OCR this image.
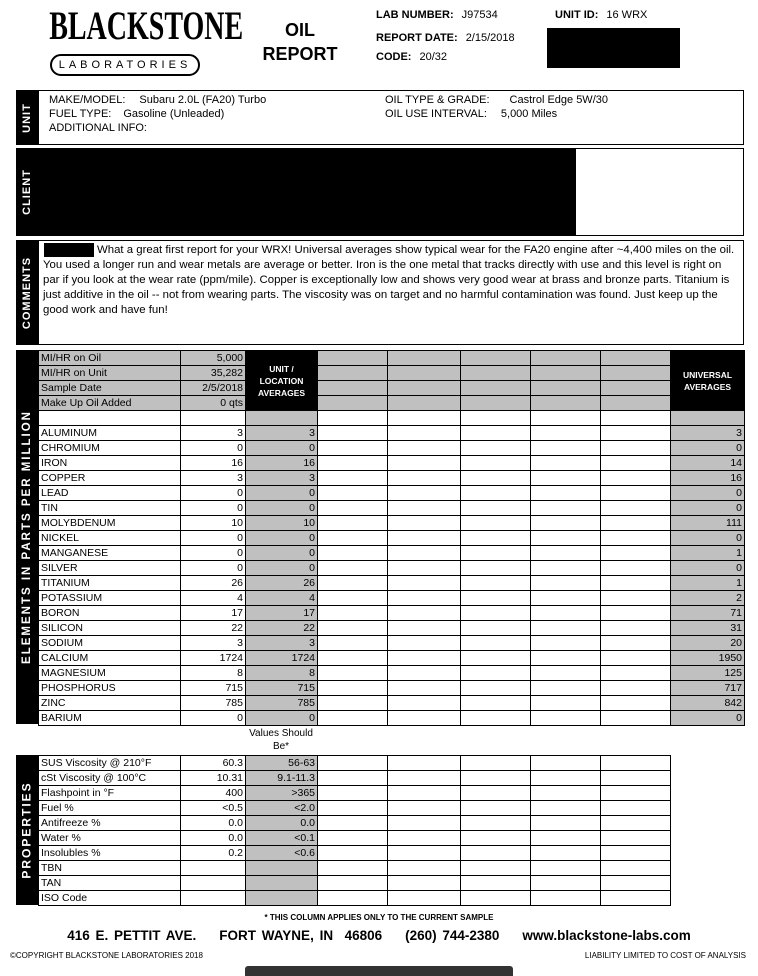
BLACKSTONE
LABORATORIES
OIL
REPORT
LAB NUMBER: J97534	UNIT ID: 16 WRX
REPORT DATE: 2/15/2018
CODE: 20/32
UNIT
MAKE/MODEL: Subaru 2.0L (FA20) Turbo
FUEL TYPE: Gasoline (Unleaded)
ADDITIONAL INFO:
OIL TYPE & GRADE: Castrol Edge 5W/30
OIL USE INTERVAL: 5,000 Miles
CLIENT
COMMENTS
What a great first report for your WRX! Universal averages show typical wear for the FA20 engine after ~4,400 miles on the oil. You used a longer run and wear metals are average or better. Iron is the one metal that tracks directly with use and this level is right on par if you look at the wear rate (ppm/mile). Copper is exceptionally low and shows very good wear at brass and bronze parts. Titanium is just additive in the oil -- not from wearing parts. The viscosity was on target and no harmful contamination was found. Just keep up the good work and have fun!
ELEMENTS IN PARTS PER MILLION
MI/HR on Oil	5,000	UNIT / LOCATION AVERAGES						UNIVERSAL AVERAGES
MI/HR on Unit	35,282							
Sample Date	2/5/2018							
Make Up Oil Added	0 qts							

ALUMINUM	3	3						3
CHROMIUM	0	0						0
IRON	16	16						14
COPPER	3	3						16
LEAD	0	0						0
TIN	0	0						0
MOLYBDENUM	10	10						111
NICKEL	0	0						0
MANGANESE	0	0						1
SILVER	0	0						0
TITANIUM	26	26						1
POTASSIUM	4	4						2
BORON	17	17						71
SILICON	22	22						31
SODIUM	3	3						20
CALCIUM	1724	1724						1950
MAGNESIUM	8	8						125
PHOSPHORUS	715	715						717
ZINC	785	785						842
BARIUM	0	0						0
Values Should Be*
PROPERTIES
SUS Viscosity @ 210°F	60.3	56-63					
cSt Viscosity @ 100°C	10.31	9.1-11.3					
Flashpoint in °F	400	>365					
Fuel %	<0.5	<2.0					
Antifreeze %	0.0	0.0					
Water %	0.0	<0.1					
Insolubles %	0.2	<0.6					
TBN							
TAN							
ISO Code							
* THIS COLUMN APPLIES ONLY TO THE CURRENT SAMPLE
416 E. PETTIT AVE.    FORT WAYNE, IN  46806    (260) 744-2380    www.blackstone-labs.com
©COPYRIGHT BLACKSTONE LABORATORIES 2018	LIABILITY LIMITED TO COST OF ANALYSIS
